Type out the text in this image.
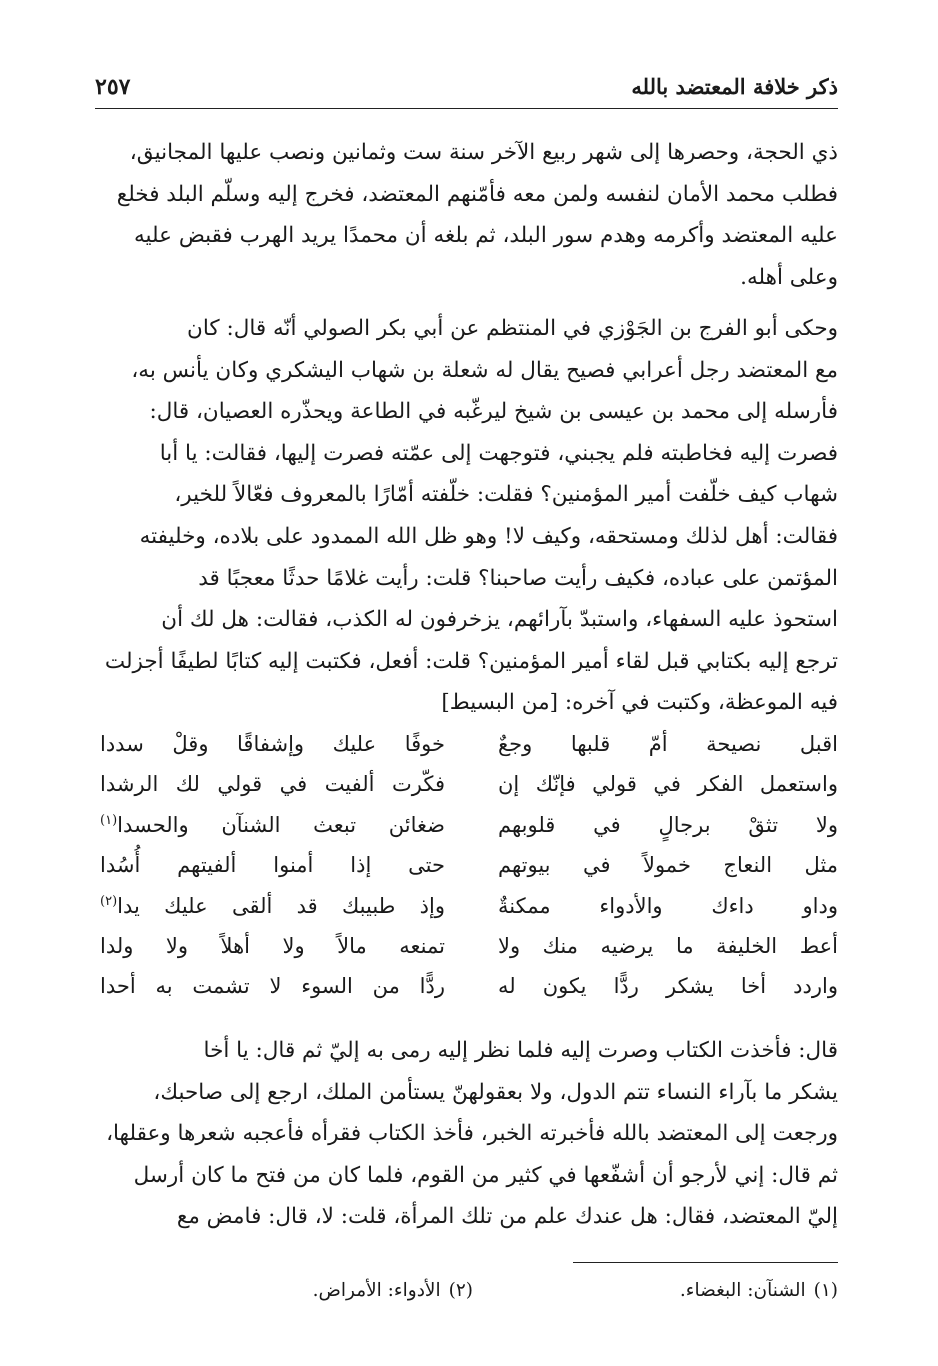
ذكر خلافة المعتضد بالله
٢٥٧
ذي الحجة، وحصرها إلى شهر ربيع الآخر سنة ست وثمانين ونصب عليها المجانيق،
فطلب محمد الأمان لنفسه ولمن معه فأمّنهم المعتضد، فخرج إليه وسلّم البلد فخلع
عليه المعتضد وأكرمه وهدم سور البلد، ثم بلغه أن محمدًا يريد الهرب فقبض عليه
وعلى أهله.
وحكى أبو الفرج بن الجَوْزي في المنتظم عن أبي بكر الصولي أنّه قال: كان
مع المعتضد رجل أعرابي فصيح يقال له شعلة بن شهاب اليشكري وكان يأنس به،
فأرسله إلى محمد بن عيسى بن شيخ ليرغّبه في الطاعة ويحذّره العصيان، قال:
فصرت إليه فخاطبته فلم يجبني، فتوجهت إلى عمّته فصرت إليها، فقالت: يا أبا
شهاب كيف خلّفت أمير المؤمنين؟ فقلت: خلّفته أمّارًا بالمعروف فعّالاً للخير،
فقالت: أهل لذلك ومستحقه، وكيف لا! وهو ظل الله الممدود على بلاده، وخليفته
المؤتمن على عباده، فكيف رأيت صاحبنا؟ قلت: رأيت غلامًا حدثًا معجبًا قد
استحوذ عليه السفهاء، واستبدّ بآرائهم، يزخرفون له الكذب، فقالت: هل لك أن
ترجع إليه بكتابي قبل لقاء أمير المؤمنين؟ قلت: أفعل، فكتبت إليه كتابًا لطيفًا أجزلت
فيه الموعظة، وكتبت في آخره: [من البسيط]
اقبل نصيحة أمّ قلبها وجعٌ
خوفًا عليك وإشفاقًا وقلْ سددا
واستعمل الفكر في قولي فإنّك إن
فكّرت ألفيت في قولي لك الرشدا
ولا تثقْ برجالٍ في قلوبهم
ضغائن تبعث الشنآن والحسدا$^{(١)}$
مثل النعاج خمولاً في بيوتهم
حتى إذا أمنوا ألفيتهم أُسُدا
وداو داءك والأدواء ممكنةٌ
وإذ طبيبك قد ألقى عليك يدا$^{(٢)}$
أعط الخليفة ما يرضيه منك ولا
تمنعه مالاً ولا أهلاً ولا ولدا
واردد أخا يشكر ردًّا يكون له
ردًّا من السوء لا تشمت به أحدا
قال: فأخذت الكتاب وصرت إليه فلما نظر إليه رمى به إليّ ثم قال: يا أخا
يشكر ما بآراء النساء تتم الدول، ولا بعقولهنّ يستأمن الملك، ارجع إلى صاحبك،
ورجعت إلى المعتضد بالله فأخبرته الخبر، فأخذ الكتاب فقرأه فأعجبه شعرها وعقلها،
ثم قال: إني لأرجو أن أشفّعها في كثير من القوم، فلما كان من فتح ما كان أرسل
إليّ المعتضد، فقال: هل عندك علم من تلك المرأة، قلت: لا، قال: فامض مع
(١)الشنآن: البغضاء.
(٢)الأدواء: الأمراض.
